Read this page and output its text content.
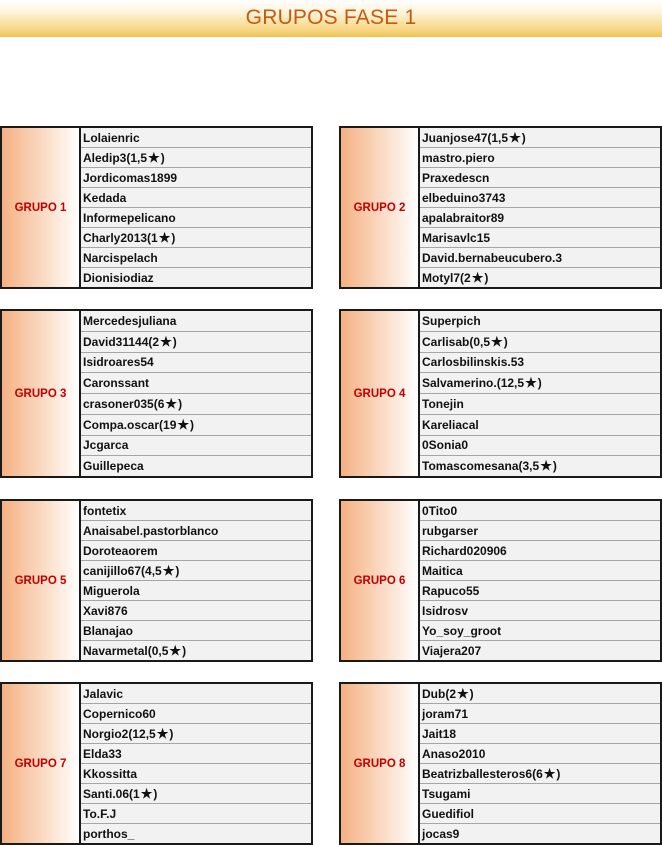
GRUPOS FASE 1
GRUPO 1
Lolaienric
Aledip3 ( 1,5 ★ )
Jordicomas1899
Kedada
Informepelicano
Charly2013 ( 1 ★ )
Narcispelach
Dionisiodiaz
GRUPO 2
Juanjose47 ( 1,5 ★ )
mastro.piero
Praxedescn
elbeduino3743
apalabraitor89
Marisavlc15
David.bernabeucubero.3
Motyl7 ( 2 ★ )
GRUPO 3
Mercedesjuliana
David31144 ( 2 ★ )
Isidroares54
Caronssant
crasoner035 ( 6 ★ )
Compa.oscar ( 19 ★ )
Jcgarca
Guillepeca
GRUPO 4
Superpich
Carlisab ( 0,5 ★ )
Carlosbilinskis.53
Salvamerino. ( 12,5 ★ )
Tonejin
Kareliacal
0Sonia0
Tomascomesana ( 3,5 ★ )
GRUPO 5
fontetix
Anaisabel.pastorblanco
Doroteaorem
canijillo67 ( 4,5 ★ )
Miguerola
Xavi876
Blanajao
Navarmetal ( 0,5 ★ )
GRUPO 6
0Tito0
rubgarser
Richard020906
Maitica
Rapuco55
Isidrosv
Yo_soy_groot
Viajera207
GRUPO 7
Jalavic
Copernico60
Norgio2 ( 12,5 ★ )
Elda33
Kkossitta
Santi.06 ( 1 ★ )
To.F.J
porthos_
GRUPO 8
Dub ( 2 ★ )
joram71
Jait18
Anaso2010
Beatrizballesteros6 ( 6 ★ )
Tsugami
Guedifiol
jocas9
